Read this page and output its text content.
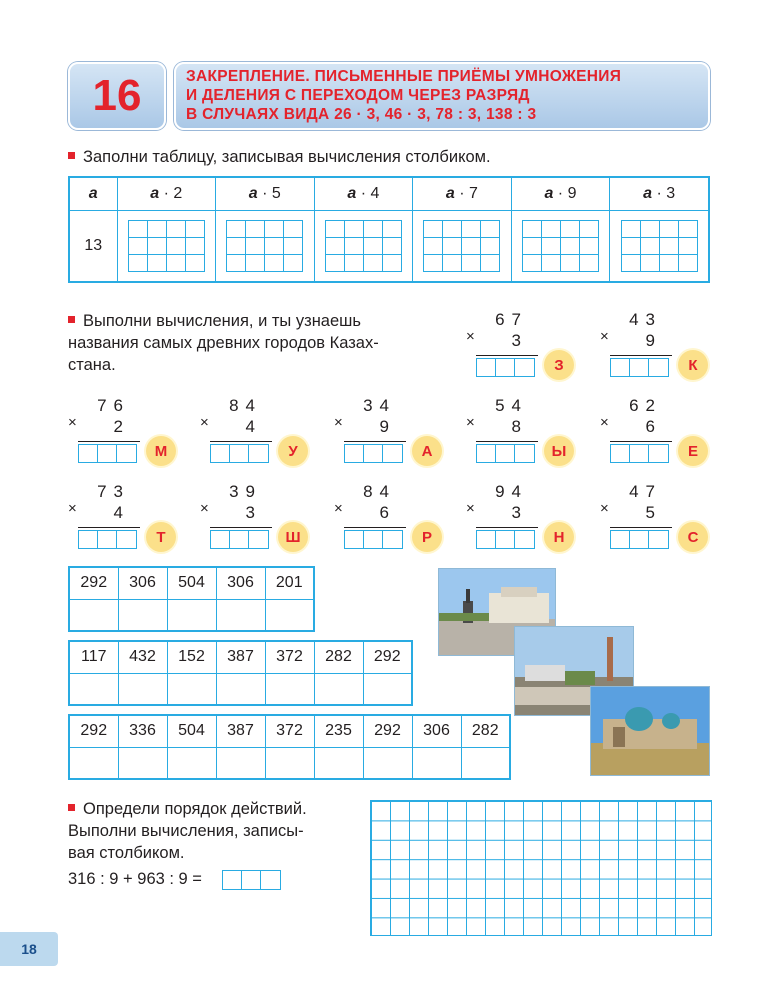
16	ЗАКРЕПЛЕНИЕ. ПИСЬМЕННЫЕ ПРИЁМЫ УМНОЖЕНИЯ
И ДЕЛЕНИЯ С ПЕРЕХОДОМ ЧЕРЕЗ РАЗРЯД
В СЛУЧАЯХ ВИДА 26 · 3, 46 · 3, 78 : 3, 138 : 3
Заполни таблицу, записывая вычисления столбиком.
a	a · 2	a · 5	a · 4	a · 7	a · 9	a · 3
13	

Выполни вычисления, и ты узнаешь
названия самых древних городов Казах-
стана.
×
67
3
З
×
43
9
К
×
76
2
М
×
84
4
У
×
34
9
А
×
54
8
Ы
×
62
6
Е
×
73
4
Т
×
39
3
Ш
×
84
6
Р
×
94
3
Н
×
47
5
С
292	306	504	306	201

117	432	152	387	372	282	292

292	336	504	387	372	235	292	306	282

Определи порядок действий.
Выполни вычисления, записы-
вая столбиком.
316 : 9 + 963 : 9 =
18
